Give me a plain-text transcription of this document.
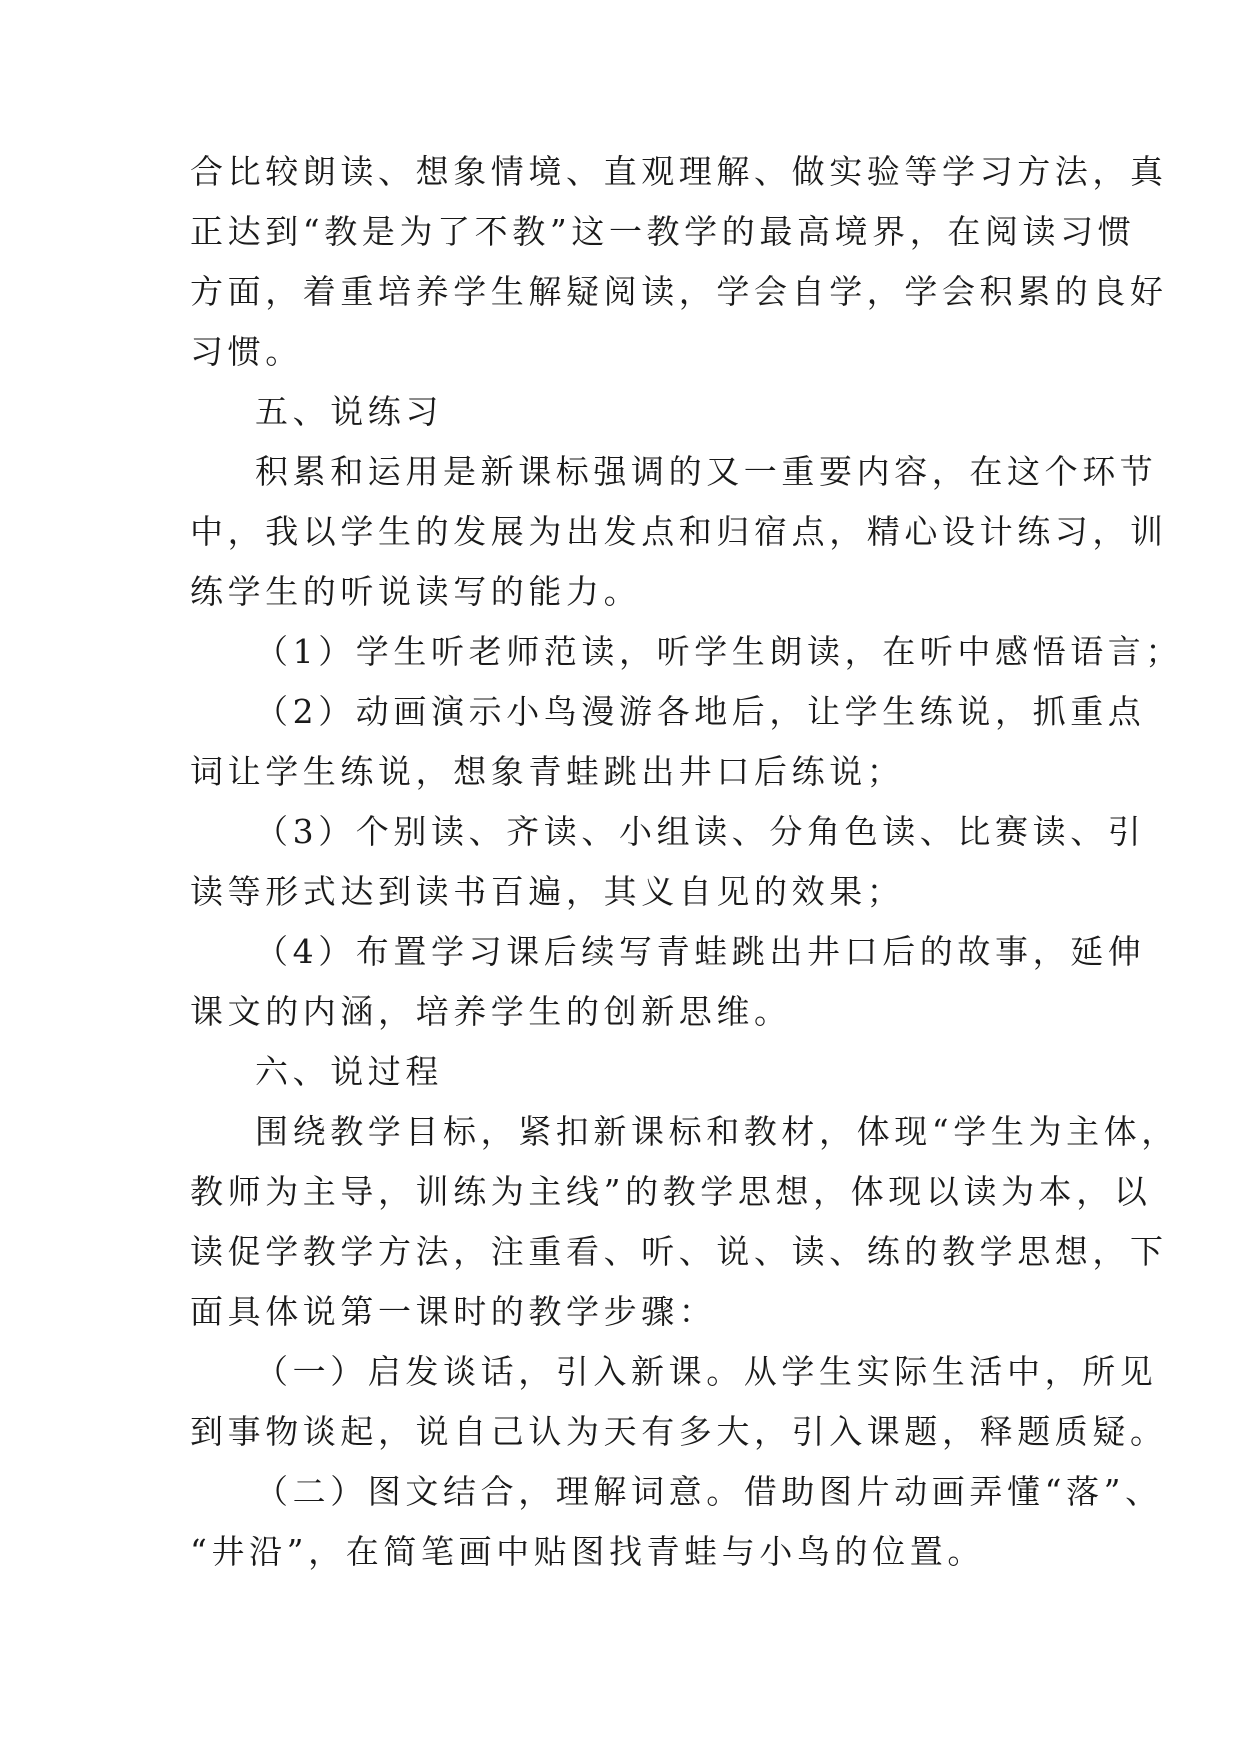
合比较朗读、想象情境、直观理解、做实验等学习方法，真
正达到“教是为了不教”这一教学的最高境界，在阅读习惯
方面，着重培养学生解疑阅读，学会自学，学会积累的良好
习惯。
五、说练习
积累和运用是新课标强调的又一重要内容，在这个环节
中，我以学生的发展为出发点和归宿点，精心设计练习，训
练学生的听说读写的能力。
（1）学生听老师范读，听学生朗读，在听中感悟语言；
（2）动画演示小鸟漫游各地后，让学生练说，抓重点
词让学生练说，想象青蛙跳出井口后练说；
（3）个别读、齐读、小组读、分角色读、比赛读、引
读等形式达到读书百遍，其义自见的效果；
（4）布置学习课后续写青蛙跳出井口后的故事，延伸
课文的内涵，培养学生的创新思维。
六、说过程
围绕教学目标，紧扣新课标和教材，体现“学生为主体，
教师为主导，训练为主线”的教学思想，体现以读为本，以
读促学教学方法，注重看、听、说、读、练的教学思想，下
面具体说第一课时的教学步骤：
（一）启发谈话，引入新课。从学生实际生活中，所见
到事物谈起，说自己认为天有多大，引入课题，释题质疑。
（二）图文结合，理解词意。借助图片动画弄懂“落”、
“井沿”，在简笔画中贴图找青蛙与小鸟的位置。
